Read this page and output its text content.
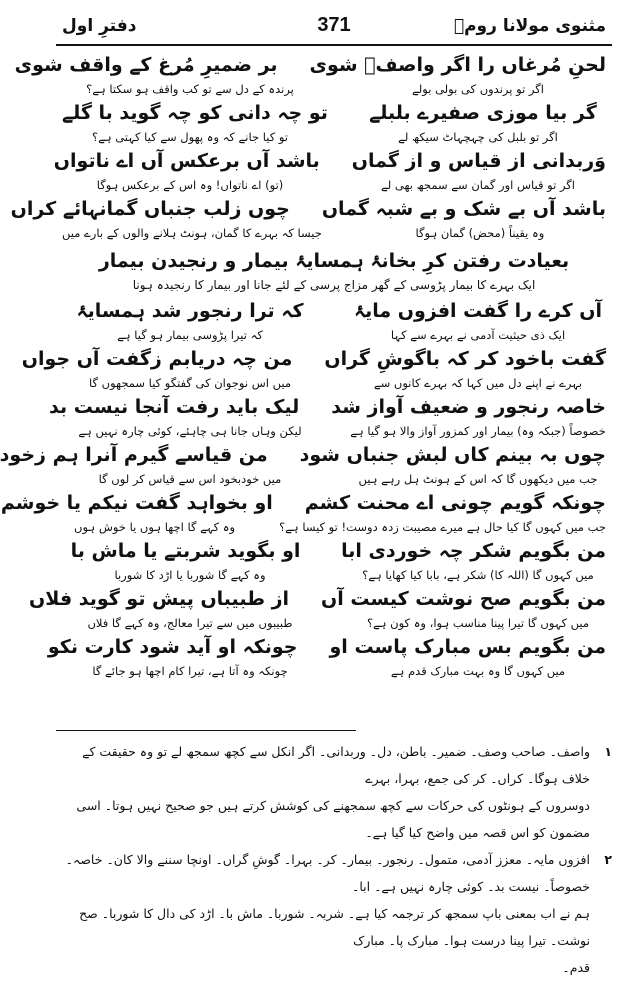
مثنوی مولانا رومؒ
371
دفترِ اول
لحنِ مُرغاں را اگر واصفؔ شوی
بر ضمیرِ مُرغ کے واقف شوی
اگر تو پرندوں کی بولی بولے
پرندہ کے دل سے تو کب واقف ہو سکتا ہے؟
گر بیا موزی صفیرے بلبلے
تو چہ دانی کو چہ گوید با گلے
اگر تو بلبل کی چہچہاٹ سیکھ لے
تو کیا جانے کہ وہ پھول سے کیا کہتی ہے؟
وَربدانی از قیاس و از گماں
باشد آں برعکس آں اے ناتواں
اگر تو قیاس اور گمان سے سمجھ بھی لے
(تو) اے ناتواں! وہ اس کے برعکس ہوگا
باشد آں بے شک و بے شبہ گماں
چوں زلب جنباں گمانہائے کراں
وہ یقیناً (محض) گمان ہوگا
جیسا کہ بہرے کا گمان، ہونٹ ہلانے والوں کے بارے میں
بعیادت رفتن کرِ بخانۂ ہمسایۂ بیمار و رنجیدن بیمار
ایک بہرے کا بیمار پڑوسی کے گھر مزاج پرسی کے لئے جانا اور بیمار کا رنجیدہ ہونا
آں کرے را گفت افزوں مایۂ
کہ ترا رنجور شد ہمسایۂ
ایک ذی حیثیت آدمی نے بہرے سے کہا
کہ تیرا پڑوسی بیمار ہو گیا ہے
گفت باخود کر کہ باگوشِ گراں
من چہ دریابم زگفت آں جواں
بہرے نے اپنے دل میں کہا کہ بہرے کانوں سے
میں اس نوجوان کی گفتگو کیا سمجھوں گا
خاصہ رنجور و ضعیف آواز شد
لیک باید رفت آنجا نیست بد
خصوصاً (جبکہ وہ) بیمار اور کمزور آواز والا ہو گیا ہے
لیکن وہاں جانا ہی چاہئے، کوئی چارہ نہیں ہے
چوں بہ بینم کاں لبش جنباں شود
من قیاسے گیرم آنرا ہم زخود
جب میں دیکھوں گا کہ اس کے ہونٹ ہل رہے ہیں
میں خودبخود اس سے قیاس کر لوں گا
چونکہ گویم چونی اے محنت کشم
او بخواہد گفت نیکم یا خوشم
جب میں کہوں گا کیا حال ہے میرے مصیبت زدہ دوست! تو کیسا ہے؟
وہ کہے گا اچھا ہوں یا خوش ہوں
من بگویم شکر چہ خوردی ابا
او بگوید شربتے یا ماش با
میں کہوں گا (اللہ کا) شکر ہے، بابا کیا کھایا ہے؟
وہ کہے گا شوربا یا اڑد کا شوربا
من بگویم صح نوشت کیست آں
از طبیباں پیش تو گوید فلاں
میں کہوں گا تیرا پینا مناسب ہوا، وہ کون ہے؟
طبیبوں میں سے تیرا معالج، وہ کہے گا فلاں
من بگویم بس مبارک پاست او
چونکہ او آید شود کارت نکو
میں کہوں گا وہ بہت مبارک قدم ہے
چونکہ وہ آتا ہے، تیرا کام اچھا ہو جائے گا
۱
واصف۔ صاحب وصف۔ ضمیر۔ باطن، دل۔ وربدانی۔ اگر انکل سے کچھ سمجھ لے تو وہ حقیقت کے خلاف ہوگا۔ کراں۔ کر کی جمع، بہرا، بہرے
دوسروں کے ہونٹوں کی حرکات سے کچھ سمجھنے کی کوشش کرتے ہیں جو صحیح نہیں ہوتا۔ اسی مضمون کو اس قصہ میں واضح کیا گیا ہے۔
۲
افزوں مایہ۔ معزز آدمی، متمول۔ رنجور۔ بیمار۔ کر۔ بہرا۔ گوشِ گراں۔ اونچا سننے والا کان۔ خاصہ۔ خصوصاً۔ نیست بد۔ کوئی چارہ نہیں ہے۔ ابا۔
ہم نے اب بمعنی باپ سمجھ کر ترجمہ کیا ہے۔ شربہ۔ شوربا۔ ماش با۔ اڑد کی دال کا شوربا۔ صح نوشت۔ تیرا پینا درست ہوا۔ مبارک پا۔ مبارک
قدم۔
